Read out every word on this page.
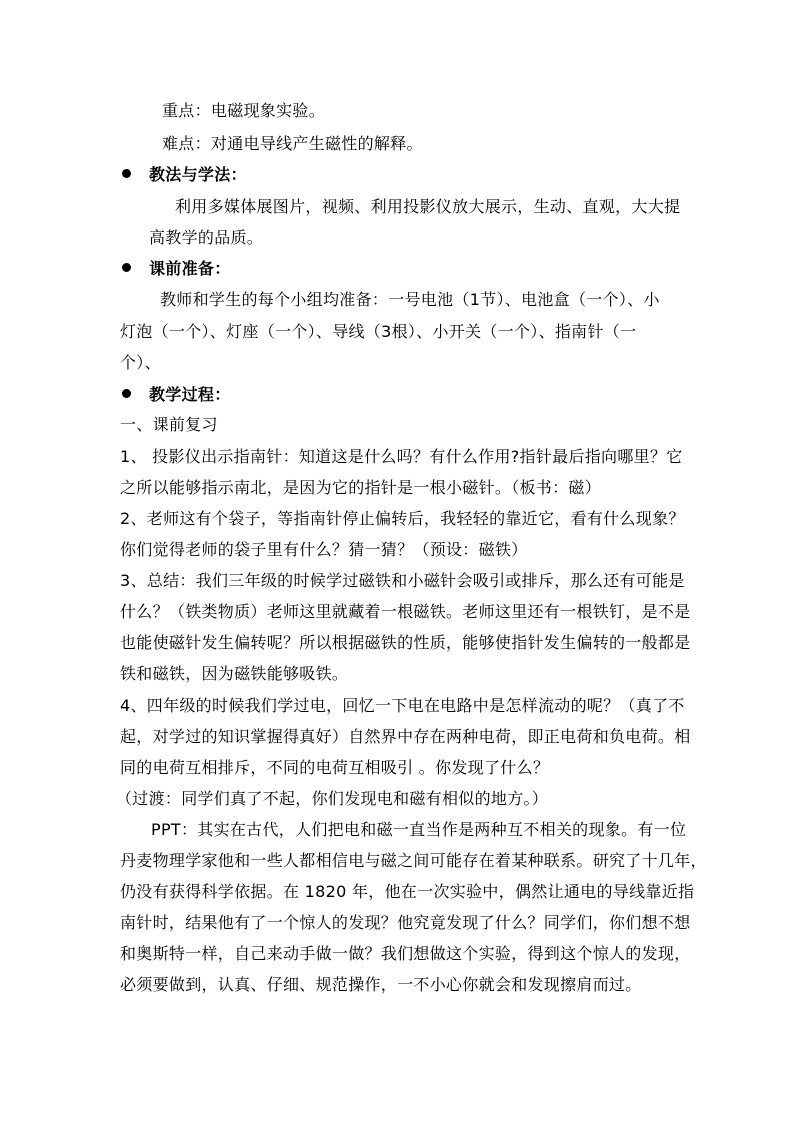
重点：电磁现象实验。
难点：对通电导线产生磁性的解释。
教法与学法：
利用多媒体展图片，视频、利用投影仪放大展示，生动、直观，大大提
高教学的品质。
课前准备：
教师和学生的每个小组均准备：一号电池（1节）、电池盒（一个）、小
灯泡（一个）、灯座（一个）、导线（3根）、小开关（一个）、指南针（一
个）、
教学过程：
一、课前复习
1、 投影仪出示指南针：知道这是什么吗？有什么作用?指针最后指向哪里？它
之所以能够指示南北，是因为它的指针是一根小磁针。（板书：磁）
2、老师这有个袋子，等指南针停止偏转后，我轻轻的靠近它，看有什么现象？
你们觉得老师的袋子里有什么？猜一猜？（预设：磁铁）
3、总结：我们三年级的时候学过磁铁和小磁针会吸引或排斥，那么还有可能是
什么？（铁类物质）老师这里就藏着一根磁铁。老师这里还有一根铁钉，是不是
也能使磁针发生偏转呢？所以根据磁铁的性质，能够使指针发生偏转的一般都是
铁和磁铁，因为磁铁能够吸铁。
4、四年级的时候我们学过电，回忆一下电在电路中是怎样流动的呢？（真了不
起，对学过的知识掌握得真好）自然界中存在两种电荷，即正电荷和负电荷。相
同的电荷互相排斥，不同的电荷互相吸引 。你发现了什么？
（过渡：同学们真了不起，你们发现电和磁有相似的地方。）
PPT：其实在古代，人们把电和磁一直当作是两种互不相关的现象。有一位
丹麦物理学家他和一些人都相信电与磁之间可能存在着某种联系。研究了十几年，
仍没有获得科学依据。在 1820 年，他在一次实验中，偶然让通电的导线靠近指
南针时，结果他有了一个惊人的发现？他究竟发现了什么？同学们，你们想不想
和奥斯特一样，自己来动手做一做？我们想做这个实验，得到这个惊人的发现，
必须要做到，认真、仔细、规范操作，一不小心你就会和发现擦肩而过。
